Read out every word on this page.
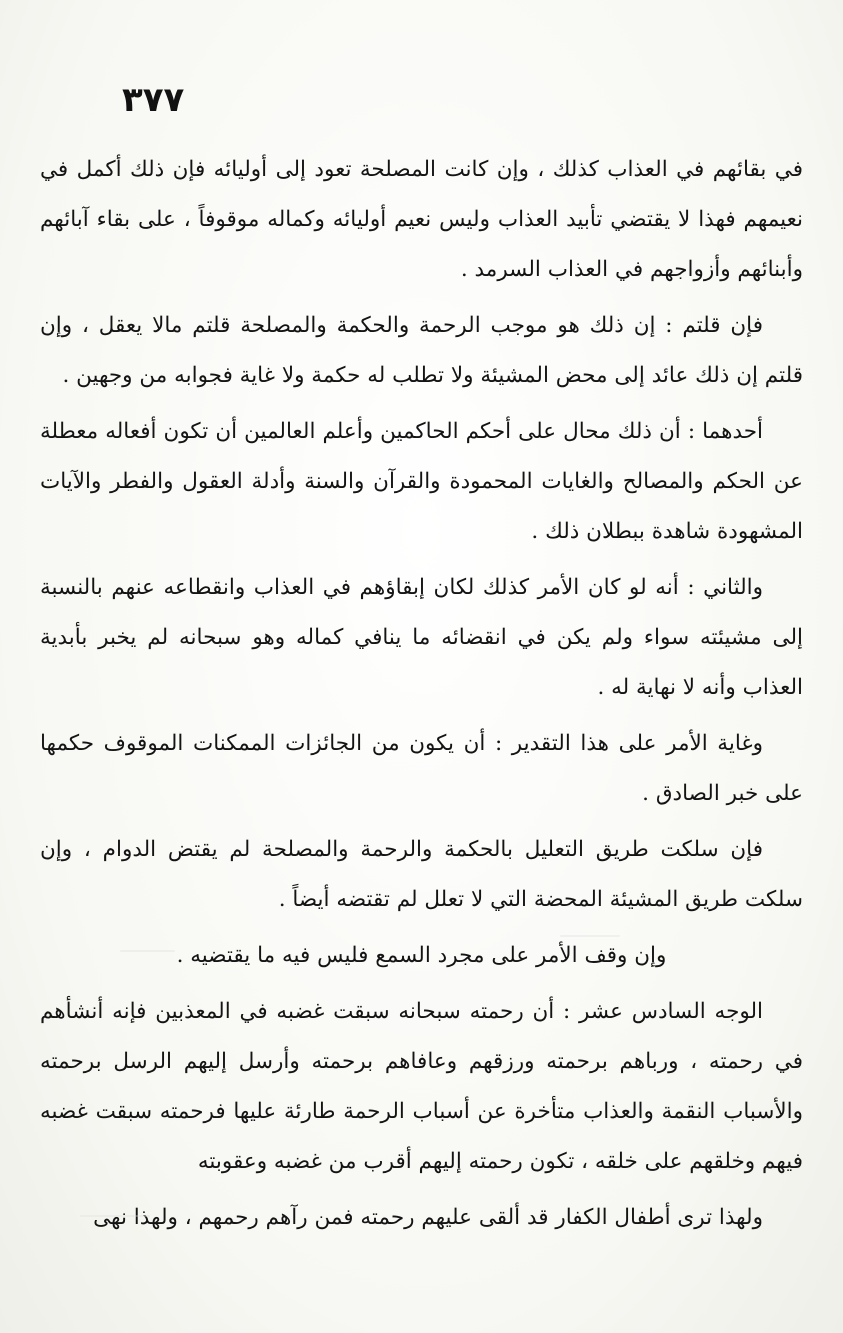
٣٧٧

في بقائهم في العذاب كذلك ، وإن كانت المصلحة تعود إلى أوليائه فإن ذلك أكمل في نعيمهم فهذا لا يقتضي تأبيد العذاب وليس نعيم أوليائه وكماله موقوفاً ، على بقاء آبائهم وأبنائهم وأزواجهم في العذاب السرمد .

فإن قلتم : إن ذلك هو موجب الرحمة والحكمة والمصلحة قلتم مالا يعقل ، وإن قلتم إن ذلك عائد إلى محض المشيئة ولا تطلب له حكمة ولا غاية فجوابه من وجهين .

أحدهما : أن ذلك محال على أحكم الحاكمين وأعلم العالمين أن تكون أفعاله معطلة عن الحكم والمصالح والغايات المحمودة والقرآن والسنة وأدلة العقول والفطر والآيات المشهودة شاهدة ببطلان ذلك .

والثاني : أنه لو كان الأمر كذلك لكان إبقاؤهم في العذاب وانقطاعه عنهم بالنسبة إلى مشيئته سواء ولم يكن في انقضائه ما ينافي كماله وهو سبحانه لم يخبر بأبدية العذاب وأنه لا نهاية له .

وغاية الأمر على هذا التقدير : أن يكون من الجائزات الممكنات الموقوف حكمها على خبر الصادق .

فإن سلكت طريق التعليل بالحكمة والرحمة والمصلحة لم يقتض الدوام ، وإن سلكت طريق المشيئة المحضة التي لا تعلل لم تقتضه أيضاً .

وإن وقف الأمر على مجرد السمع فليس فيه ما يقتضيه .

الوجه السادس عشر : أن رحمته سبحانه سبقت غضبه في المعذبين فإنه أنشأهم في رحمته ، ورباهم برحمته ورزقهم وعافاهم برحمته وأرسل إليهم الرسل برحمته والأسباب النقمة والعذاب متأخرة عن أسباب الرحمة طارئة عليها فرحمته سبقت غضبه فيهم وخلقهم على خلقه ، تكون رحمته إليهم أقرب من غضبه وعقوبته

ولهذا ترى أطفال الكفار قد ألقى عليهم رحمته فمن رآهم رحمهم ، ولهذا نهى
